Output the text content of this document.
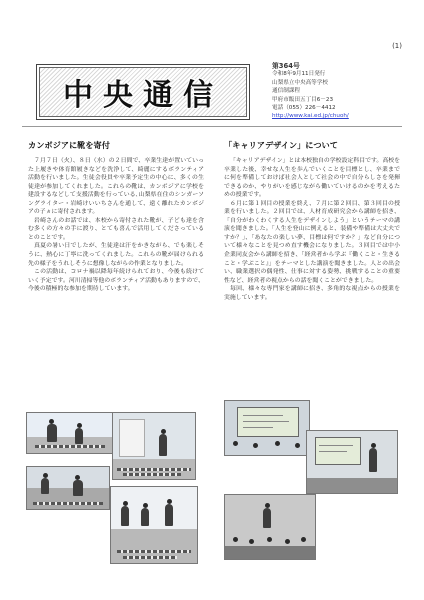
(1)
中央通信
第364号
令和8年9月11日発行
山梨県立中央高等学校
通信制課程
甲府市飯田五丁目6－23
電話（055）226－4412
http://www.kai.ed.jp/chuoh/
カンボジアに靴を寄付

７月７日（火）、８日（水）の２日間で、卒業生達が置いていった上履きや体育館履きなどを洗浄して、綺麗にするボランティア活動を行いました。生徒会役員や卒業予定生の中心に、多くの生徒達が参加してくれました。これらの靴は、カンボジアに学校を建設するなどして支援活動を行っている､山梨県在住のシンガーソングライター・岩崎けいいちさんを通して、遠く離れたカンボジアの子ヵに寄付されます。

岩崎さんのお話では、本校から寄付された靴が、子ども達を含む多くの方々の手に渡り、とても喜んで活用してくださっているとのことです。

真夏の暑い日でしたが、生徒達は汗をかきながら、でも楽しそうに、熱心に丁寧に洗ってくれました。これらの靴が届けられる先の様子をうれしそうに想像しながらの作業となりました。

この活動は、コロナ禍以降毎年続けられており、今後も続けていく予定です。河川清掃等他のボランティア活動もありますので、今後の積極的な参加を期待しています。

「キャリアデザイン」について

「キャリアデザイン」とは本校独自の学校設定科目です。高校を卒業した後、幸せな人生を歩んでいくことを目標とし、卒業までに何を準備しておけば社会人として社会の中で自分らしさを発揮できるのか、やりがいを感じながら働いていけるのかを考えるための授業です。

６月に第１回目の授業を終え、７月に第２回目、第３回目の授業を行いました。２回目では、人材育成研究会から講師を招き、「自分がわくわくする人生をデザインしよう」というテーマの講演を聞きました。「人生を登山に例えると、装備や準備は大丈夫ですか？」、「あなたの楽しい夢、目標は何ですか？」など自分について様々なことを見つめ直す機会になりました。３回目では中小企業同友会から講師を招き、「経営者から学ぶ『働くこと・生きること・学ぶこと』」をテーマとした講演を聞きました。人との出会い、職業選択の偶発性、仕事に対する姿勢、挑戦することの重要性など、経営者の視点からの話を聞くことができました。

毎回、様々な専門家を講師に招き、多角的な視点からの授業を実施しています。
